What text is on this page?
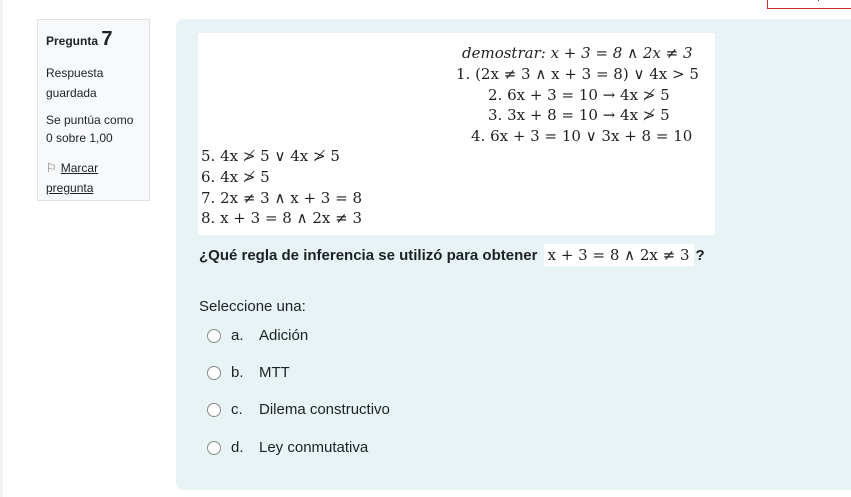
Pregunta 7
Respuesta guardada
Se puntúa como 0 sobre 1,00
⚐ Marcar pregunta
demostrar: x + 3 = 8 ∧ 2x ≠ 3
1. (2x ≠ 3 ∧ x + 3 = 8) ∨ 4x > 5
2. 6x + 3 = 10 → 4x ≯ 5
3. 3x + 8 = 10 → 4x ≯ 5
4. 6x + 3 = 10 ∨ 3x + 8 = 10
5. 4x ≯ 5 ∨ 4x ≯ 5
6. 4x ≯ 5
7. 2x ≠ 3 ∧ x + 3 = 8
8. x + 3 = 8 ∧ 2x ≠ 3
¿Qué regla de inferencia se utilizó para obtener x + 3 = 8 ∧ 2x ≠ 3 ?
Seleccione una:
a. Adición
b. MTT
c. Dilema constructivo
d. Ley conmutativa
